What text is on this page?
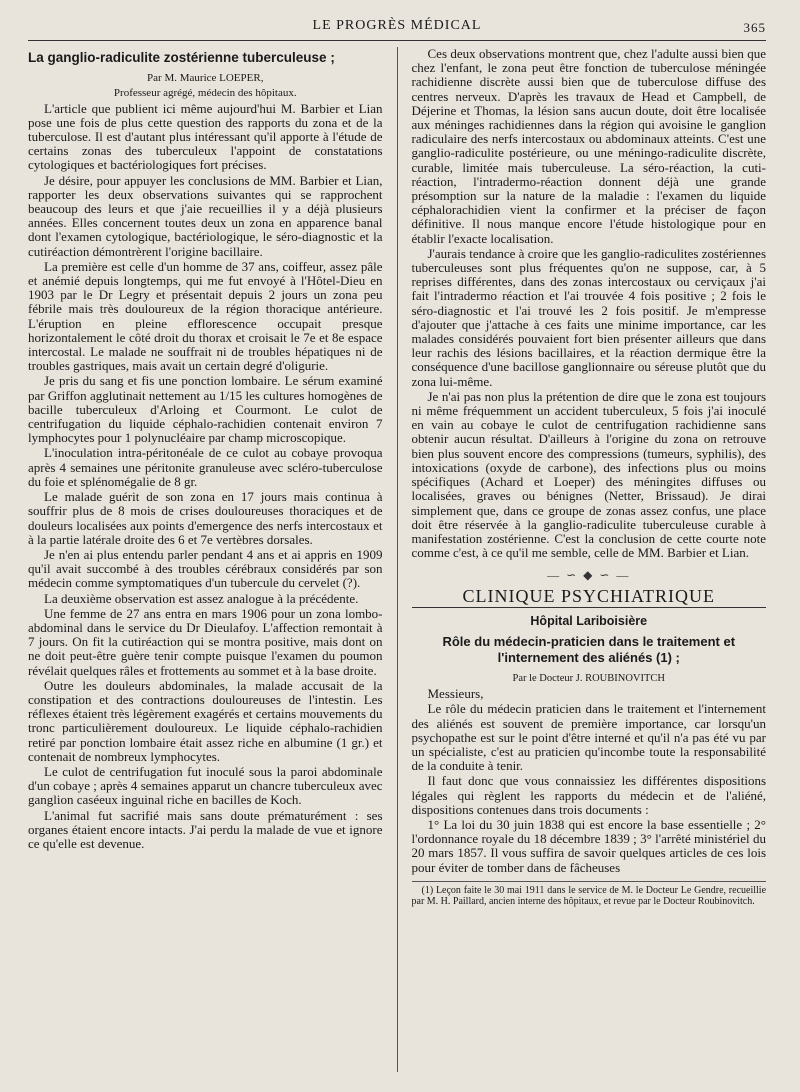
LE PROGRÈS MÉDICAL	365
La ganglio-radiculite zostérienne tuberculeuse ;

Par M. Maurice LOEPER,

Professeur agrégé, médecin des hôpitaux.

L'article que publient ici même aujourd'hui M. Barbier et Lian pose une fois de plus cette question des rapports du zona et de la tuberculose. Il est d'autant plus intéressant qu'il apporte à l'étude de certains zonas des tuberculeux l'appoint de constatations cytologiques et bactériologiques fort précises.

Je désire, pour appuyer les conclusions de MM. Barbier et Lian, rapporter les deux observations suivantes qui se rapprochent beaucoup des leurs et que j'aie recueillies il y a déjà plusieurs années. Elles concernent toutes deux un zona en apparence banal dont l'examen cytologique, bactériologique, le séro-diagnostic et la cutiréaction démontrèrent l'origine bacillaire.

La première est celle d'un homme de 37 ans, coiffeur, assez pâle et anémié depuis longtemps, qui me fut envoyé à l'Hôtel-Dieu en 1903 par le Dr Legry et présentait depuis 2 jours un zona peu fébrile mais très douloureux de la région thoracique antérieure. L'éruption en pleine efflorescence occupait presque horizontalement le côté droit du thorax et croisait le 7e et 8e espace intercostal. Le malade ne souffrait ni de troubles hépatiques ni de troubles gastriques, mais avait un certain degré d'oligurie.

Je pris du sang et fis une ponction lombaire. Le sérum examiné par Griffon agglutinait nettement au 1/15 les cultures homogènes de bacille tuberculeux d'Arloing et Courmont. Le culot de centrifugation du liquide céphalo-rachidien contenait environ 7 lymphocytes pour 1 polynucléaire par champ microscopique.

L'inoculation intra-péritonéale de ce culot au cobaye provoqua après 4 semaines une péritonite granuleuse avec scléro-tuberculose du foie et splénomégalie de 8 gr.

Le malade guérit de son zona en 17 jours mais continua à souffrir plus de 8 mois de crises douloureuses thoraciques et de douleurs localisées aux points d'emergence des nerfs intercostaux et à la partie latérale droite des 6 et 7e vertèbres dorsales.

Je n'en ai plus entendu parler pendant 4 ans et ai appris en 1909 qu'il avait succombé à des troubles cérébraux considérés par son médecin comme symptomatiques d'un tubercule du cervelet (?).

La deuxième observation est assez analogue à la précédente.

Une femme de 27 ans entra en mars 1906 pour un zona lombo-abdominal dans le service du Dr Dieulafoy. L'affection remontait à 7 jours. On fit la cutiréaction qui se montra positive, mais dont on ne doit peut-être guère tenir compte puisque l'examen du poumon révélait quelques râles et frottements au sommet et à la base droite.

Outre les douleurs abdominales, la malade accusait de la constipation et des contractions douloureuses de l'intestin. Les réflexes étaient très légèrement exagérés et certains mouvements du tronc particulièrement douloureux. Le liquide céphalo-rachidien retiré par ponction lombaire était assez riche en albumine (1 gr.) et contenait de nombreux lymphocytes.

Le culot de centrifugation fut inoculé sous la paroi abdominale d'un cobaye ; après 4 semaines apparut un chancre tuberculeux avec ganglion caséeux inguinal riche en bacilles de Koch.

L'animal fut sacrifié mais sans doute prématurément : ses organes étaient encore intacts. J'ai perdu la malade de vue et ignore ce qu'elle est devenue.

Ces deux observations montrent que, chez l'adulte aussi bien que chez l'enfant, le zona peut être fonction de tuberculose méningée rachidienne discrète aussi bien que de tuberculose diffuse des centres nerveux. D'après les travaux de Head et Campbell, de Déjerine et Thomas, la lésion sans aucun doute, doit être localisée aux méninges rachidiennes dans la région qui avoisine le ganglion radiculaire des nerfs intercostaux ou abdominaux atteints. C'est une ganglio-radiculite postérieure, ou une méningo-radiculite discrète, curable, limitée mais tuberculeuse. La séro-réaction, la cuti-réaction, l'intradermo-réaction donnent déjà une grande présomption sur la nature de la maladie : l'examen du liquide céphalorachidien vient la confirmer et la préciser de façon définitive. Il nous manque encore l'étude histologique pour en établir l'exacte localisation.

J'aurais tendance à croire que les ganglio-radiculites zostériennes tuberculeuses sont plus fréquentes qu'on ne suppose, car, à 5 reprises différentes, dans des zonas intercostaux ou cerviçaux j'ai fait l'intradermo réaction et l'ai trouvée 4 fois positive ; 2 fois le séro-diagnostic et l'ai trouvé les 2 fois positif. Je m'empresse d'ajouter que j'attache à ces faits une minime importance, car les malades considérés pouvaient fort bien présenter ailleurs que dans leur rachis des lésions bacillaires, et la réaction dermique être la conséquence d'une bacillose ganglionnaire ou séreuse plutôt que du zona lui-même.

Je n'ai pas non plus la prétention de dire que le zona est toujours ni même fréquemment un accident tuberculeux, 5 fois j'ai inoculé en vain au cobaye le culot de centrifugation rachidienne sans obtenir aucun résultat. D'ailleurs à l'origine du zona on retrouve bien plus souvent encore des compressions (tumeurs, syphilis), des intoxications (oxyde de carbone), des infections plus ou moins spécifiques (Achard et Loeper) des méningites diffuses ou localisées, graves ou bénignes (Netter, Brissaud). Je dirai simplement que, dans ce groupe de zonas assez confus, une place doit être réservée à la ganglio-radiculite tuberculeuse curable à manifestation zostérienne. C'est la conclusion de cette courte note comme c'est, à ce qu'il me semble, celle de MM. Barbier et Lian.

— ∽ ◆ ∽ —
CLINIQUE PSYCHIATRIQUE
Hôpital Lariboisière
Rôle du médecin-praticien dans le traitement et l'internement des aliénés (1) ;

Par le Docteur J. ROUBINOVITCH

Messieurs,

Le rôle du médecin praticien dans le traitement et l'internement des aliénés est souvent de première importance, car lorsqu'un psychopathe est sur le point d'être interné et qu'il n'a pas été vu par un spécialiste, c'est au praticien qu'incombe toute la responsabilité de la conduite à tenir.

Il faut donc que vous connaissiez les différentes dispositions légales qui règlent les rapports du médecin et de l'aliéné, dispositions contenues dans trois documents :

1° La loi du 30 juin 1838 qui est encore la base essentielle ; 2° l'ordonnance royale du 18 décembre 1839 ; 3° l'arrêté ministériel du 20 mars 1857. Il vous suffira de savoir quelques articles de ces lois pour éviter de tomber dans de fâcheuses

(1) Leçon faite le 30 mai 1911 dans le service de M. le Docteur Le Gendre, recueillie par M. H. Paillard, ancien interne des hôpitaux, et revue par le Docteur Roubinovitch.
